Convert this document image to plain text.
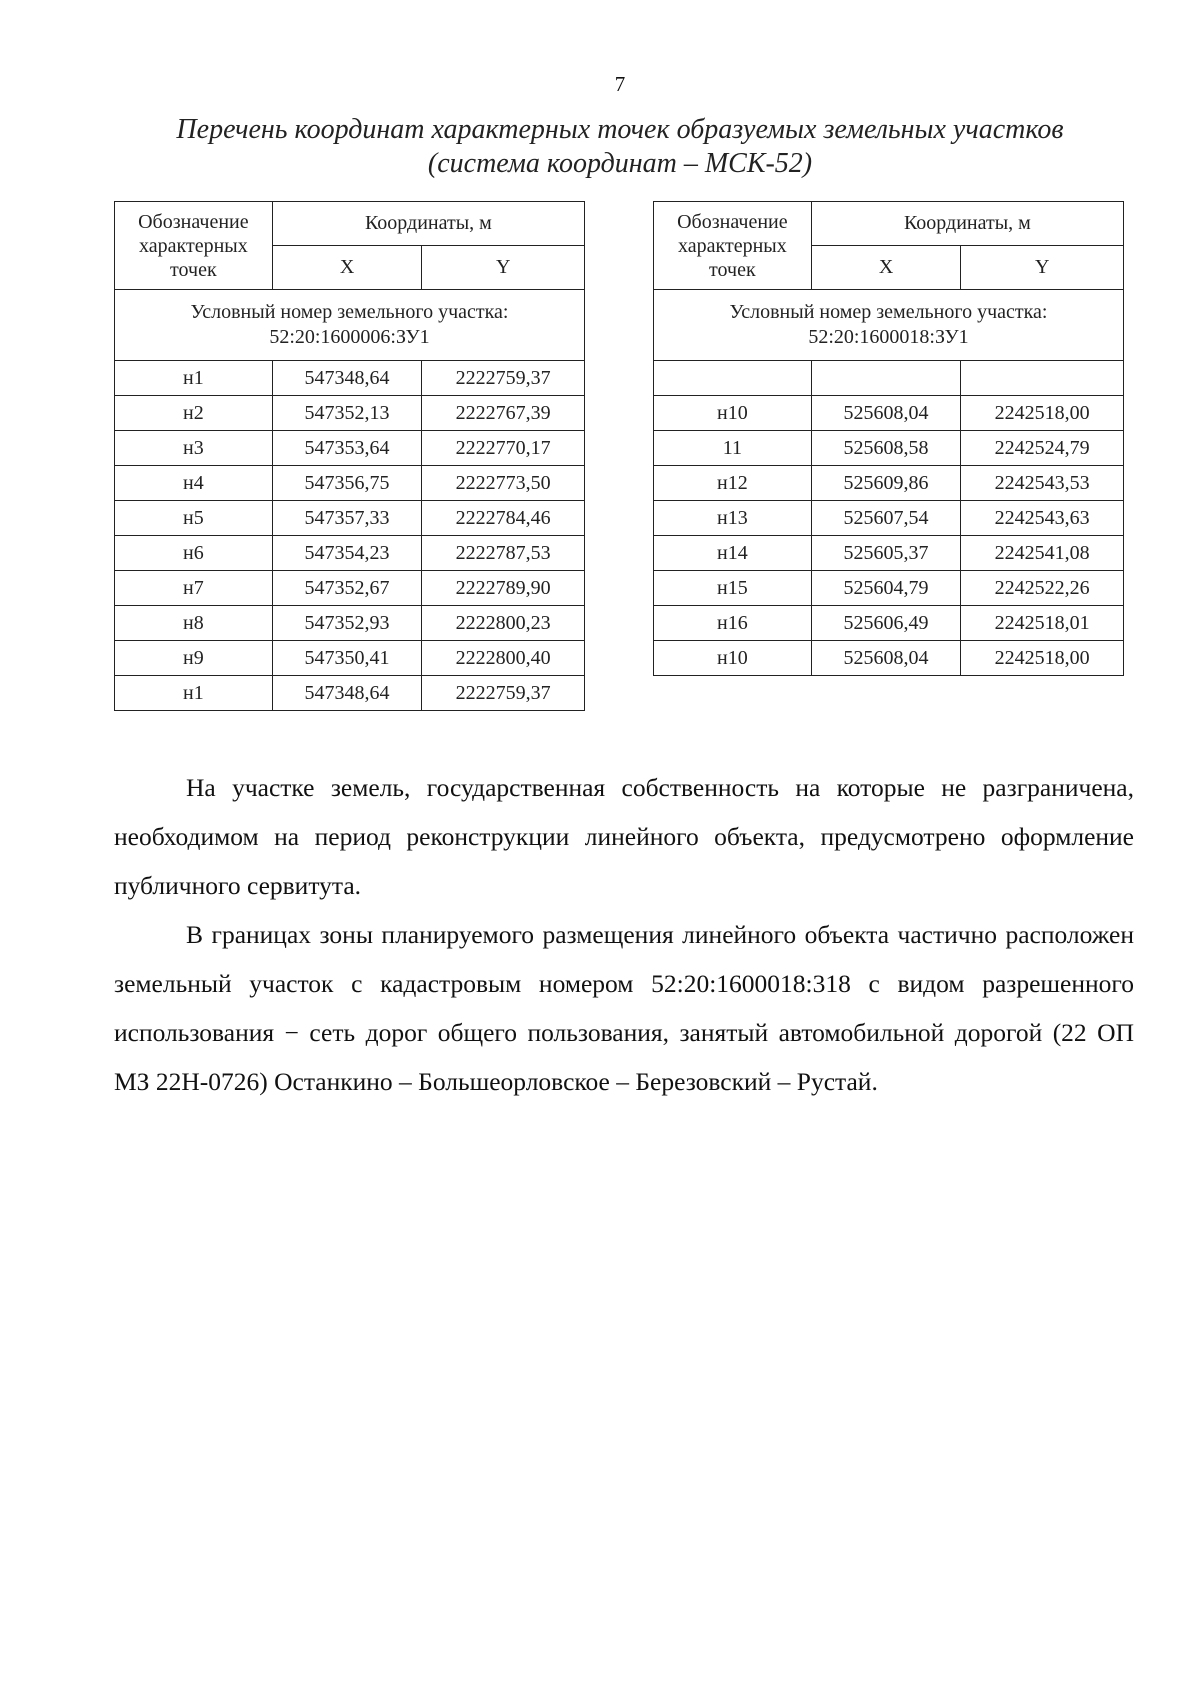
7
Перечень координат характерных точек образуемых земельных участков
(система координат – МСК-52)
Обозначение характерных точек	Координаты, м	
	X	Y

Условный номер земельного участка:
52:20:1600006:ЗУ1		

н1	547348,64	2222759,37
н2	547352,13	2222767,39
н3	547353,64	2222770,17
н4	547356,75	2222773,50
н5	547357,33	2222784,46
н6	547354,23	2222787,53
н7	547352,67	2222789,90
н8	547352,93	2222800,23
н9	547350,41	2222800,40
н1	547348,64	2222759,37
Обозначение характерных точек	Координаты, м	
	X	Y

Условный номер земельного участка:
52:20:1600018:ЗУ1		

н10	525608,04	2242518,00
11	525608,58	2242524,79
н12	525609,86	2242543,53
н13	525607,54	2242543,63
н14	525605,37	2242541,08
н15	525604,79	2242522,26
н16	525606,49	2242518,01
н10	525608,04	2242518,00

На участке земель, государственная собственность на которые не разграничена, необходимом на период реконструкции линейного объекта, предусмотрено оформление публичного сервитута.

В границах зоны планируемого размещения линейного объекта частично расположен земельный участок с кадастровым номером 52:20:1600018:318 с видом разрешенного использования − сеть дорог общего пользования, занятый автомобильной дорогой (22 ОП МЗ 22Н-0726) Останкино – Большеорловское – Березовский – Рустай.
